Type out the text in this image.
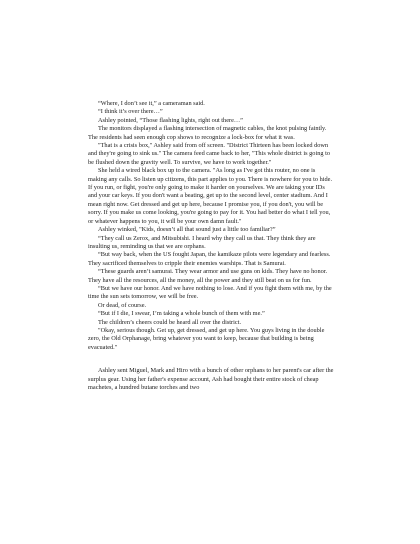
“Where, I don’t see it,” a cameraman said.

“I think it’s over there…”

Ashley pointed, “Those flashing lights, right out there…”

The monitors displayed a flashing intersection of magnetic cables, the knot pulsing faintly. The residents had seen enough cop shows to recognize a lock-box for what it was.

"That is a crisis box," Ashley said from off screen. "District Thirteen has been locked down and they're going to sink us." The camera feed came back to her, "This whole district is going to be flushed down the gravity well. To survive, we have to work together."

She held a wired black box up to the camera. "As long as I've got this router, no one is making any calls. So listen up citizens, this part applies to you. There is nowhere for you to hide. If you run, or fight, you're only going to make it harder on yourselves. We are taking your IDs and your car keys. If you don't want a beating, get up to the second level, center stadium. And I mean right now. Get dressed and get up here, because I promise you, if you don't, you will be sorry. If you make us come looking, you're going to pay for it. You had better do what I tell you, or whatever happens to you, it will be your own damn fault."

Ashley winked, "Kids, doesn’t all that sound just a little too familiar?”

“They call us Zerox, and Mitsubishi. I heard why they call us that. They think they are insulting us, reminding us that we are orphans.

“But way back, when the US fought Japan, the kamikaze pilots were legendary and fearless. They sacrificed themselves to cripple their enemies warships. That is Samurai.

“These guards aren’t samurai. They wear armor and use guns on kids. They have no honor. They have all the resources, all the money, all the power and they still beat on us for fun.

“But we have our honor. And we have nothing to lose. And if you fight them with me, by the time the sun sets tomorrow, we will be free.

Or dead, of course.

“But if I die, I swear, I’m taking a whole bunch of them with me.”

The children’s cheers could be heard all over the district.

"Okay, serious though. Get up, get dressed, and get up here. You guys living in the double zero, the Old Orphanage, bring whatever you want to keep, because that building is being evacuated."

Ashley sent Miguel, Mark and Hiro with a bunch of other orphans to her parent's car after the surplus gear. Using her father's expense account, Ash had bought their entire stock of cheap machetes, a hundred butane torches and two
